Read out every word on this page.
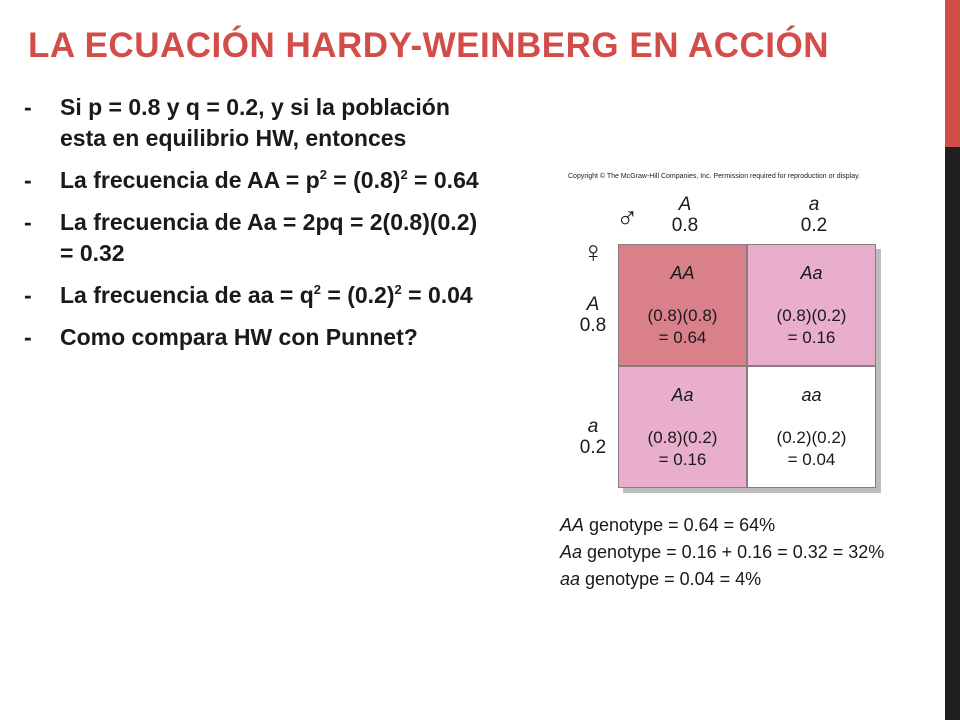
LA ECUACIÓN HARDY-WEINBERG EN ACCIÓN
- Si p = 0.8 y q = 0.2, y si la población esta en equilibrio HW, entonces
- La frecuencia de AA = $p^2 = (0.8)^2 = 0.64$
- La frecuencia de Aa = 2pq = 2(0.8)(0.2) = 0.32
- La frecuencia de aa = $q^2 = (0.2)^2 = 0.04$
- Como compara HW con Punnet?
Copyright © The McGraw-Hill Companies, Inc. Permission required for reproduction or display.
♂
♀
A
0.8
a
0.2
A
0.8
a
0.2
AA
(0.8)(0.8)
= 0.64
Aa
(0.8)(0.2)
= 0.16
Aa
(0.8)(0.2)
= 0.16
aa
(0.2)(0.2)
= 0.04
AA genotype = 0.64 = 64%
Aa genotype = 0.16 + 0.16 = 0.32 = 32%
aa genotype = 0.04 = 4%
